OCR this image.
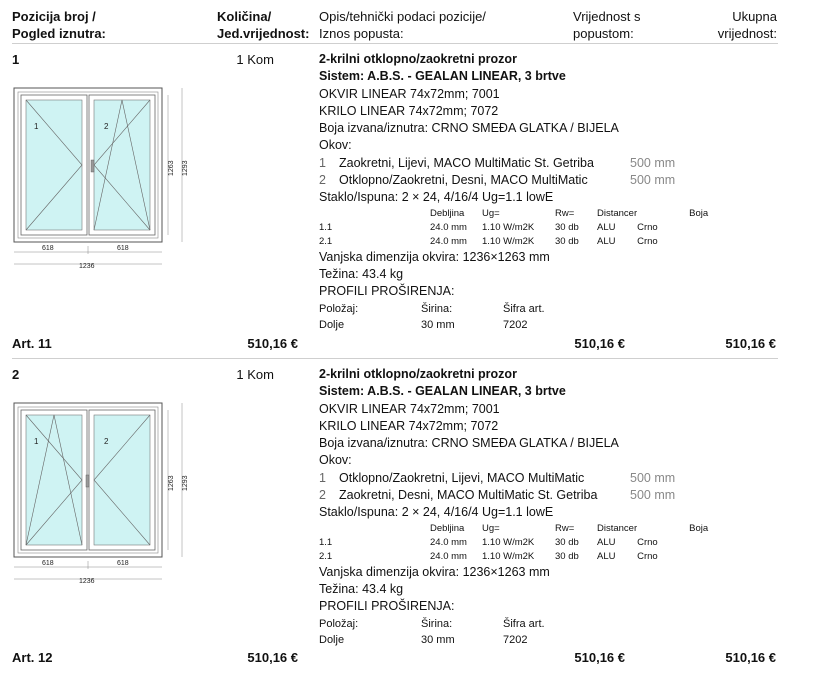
Pozicija broj /
Pogled iznutra:
Količina/
Jed.vrijednost:
Opis/tehnički podaci pozicije/
Iznos popusta:
Vrijednost s
popustom:
Ukupna
vrijednost:
1	1 Kom
1	2
1263 1293
618	618
1236
2-krilni otklopno/zaokretni prozor
Sistem: A.B.S. - GEALAN LINEAR, 3 brtve
OKVIR LINEAR 74x72mm; 7001
KRILO LINEAR 74x72mm; 7072
Boja izvana/iznutra: CRNO SMEĐA GLATKA / BIJELA
Okov:
1	Zaokretni, Lijevi, MACO MultiMatic St. Getriba	500 mm
2	Otklopno/Zaokretni, Desni, MACO MultiMatic	500 mm
Staklo/Ispuna: 2 × 24, 4/16/4 Ug=1.1 lowE
	Debljina	Ug=	Rw=	Distancer		Boja
1.1	24.0 mm	1.10 W/m2K	30 db	ALU	Crno	
2.1	24.0 mm	1.10 W/m2K	30 db	ALU	Crno	
Vanjska dimenzija okvira: 1236×1263 mm
Težina: 43.4 kg
PROFILI PROŠIRENJA:
Položaj:	Širina:	Šifra art.
Dolje	30 mm	7202
Art. 11	510,16 €	510,16 €	510,16 €
2	1 Kom
1	2
1263 1293
618	618
1236
2-krilni otklopno/zaokretni prozor
Sistem: A.B.S. - GEALAN LINEAR, 3 brtve
OKVIR LINEAR 74x72mm; 7001
KRILO LINEAR 74x72mm; 7072
Boja izvana/iznutra: CRNO SMEĐA GLATKA / BIJELA
Okov:
1	Otklopno/Zaokretni, Lijevi, MACO MultiMatic	500 mm
2	Zaokretni, Desni, MACO MultiMatic St. Getriba	500 mm
Staklo/Ispuna: 2 × 24, 4/16/4 Ug=1.1 lowE
	Debljina	Ug=	Rw=	Distancer		Boja
1.1	24.0 mm	1.10 W/m2K	30 db	ALU	Crno	
2.1	24.0 mm	1.10 W/m2K	30 db	ALU	Crno	
Vanjska dimenzija okvira: 1236×1263 mm
Težina: 43.4 kg
PROFILI PROŠIRENJA:
Položaj:	Širina:	Šifra art.
Dolje	30 mm	7202
Art. 12	510,16 €	510,16 €	510,16 €
